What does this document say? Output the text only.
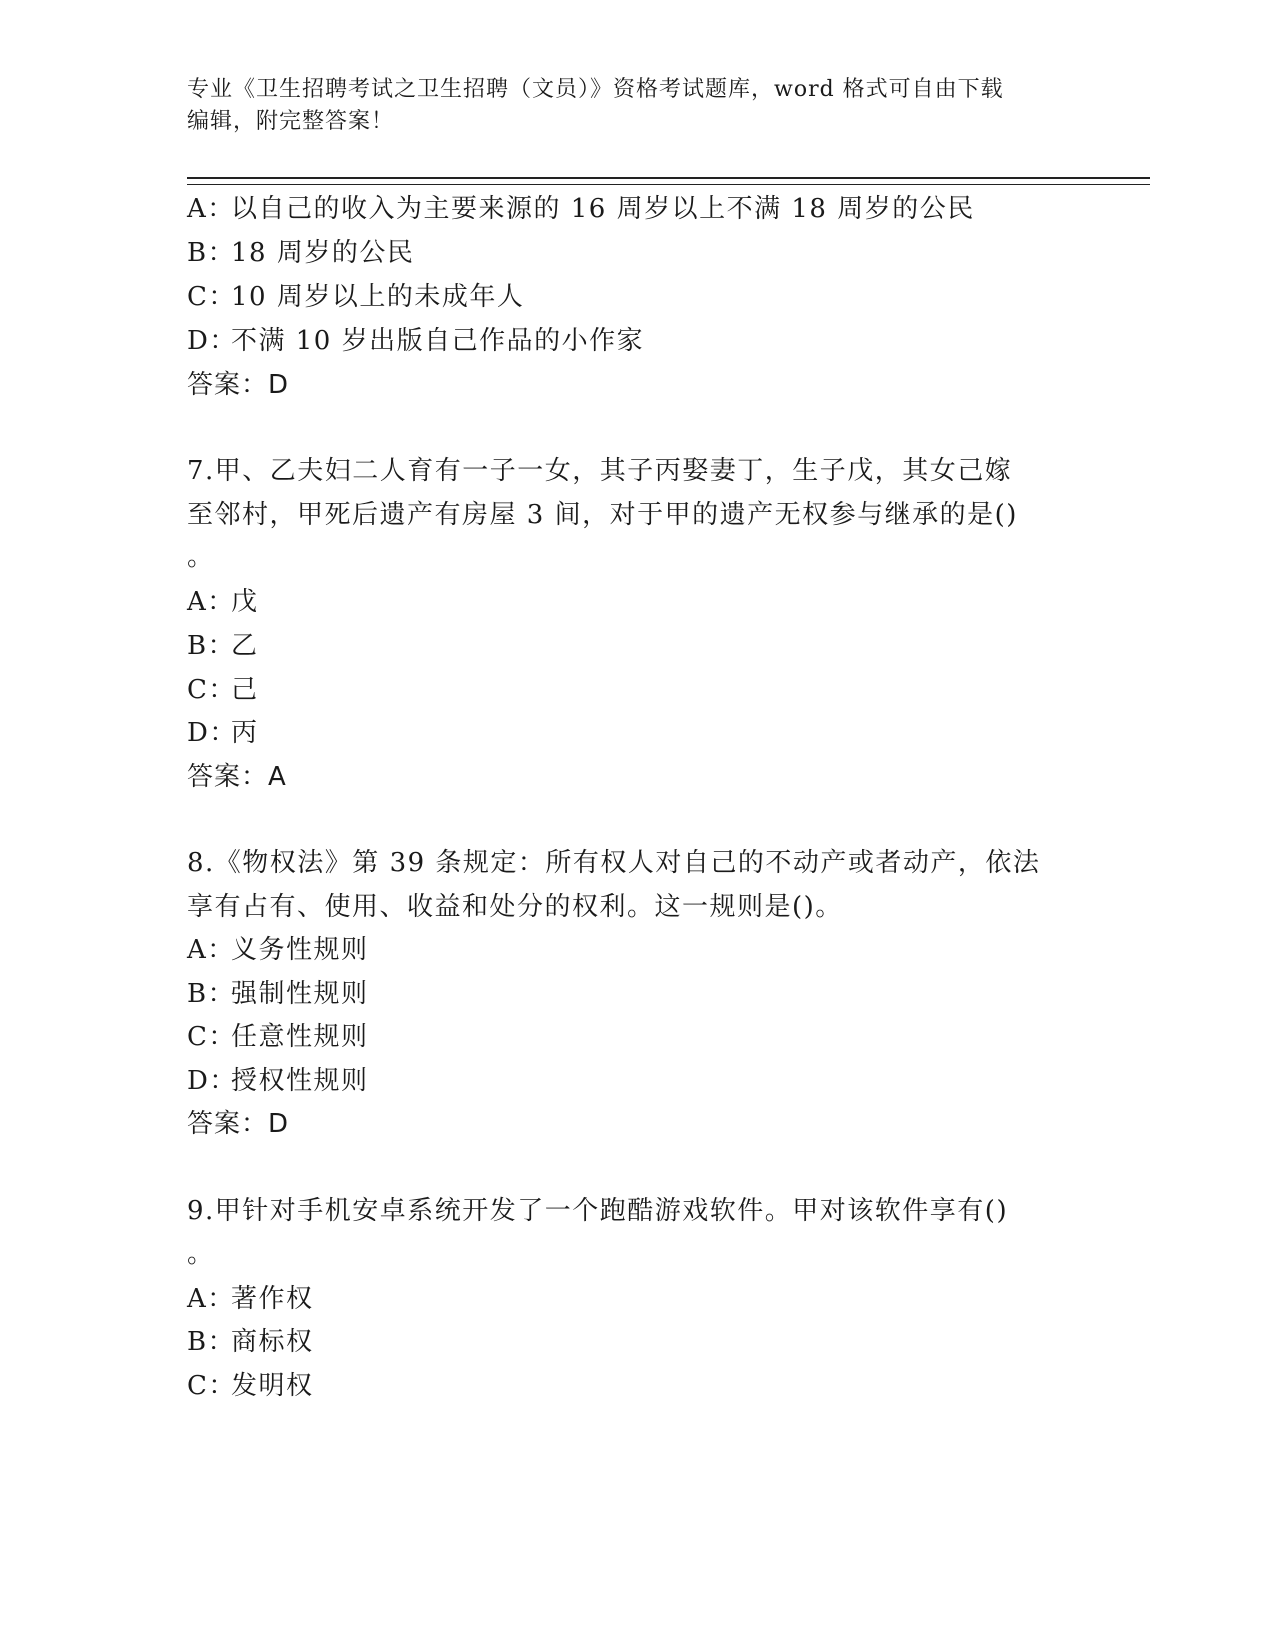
专业《卫生招聘考试之卫生招聘（文员）》资格考试题库，word 格式可自由下载
编辑，附完整答案！
A：以自己的收入为主要来源的 16 周岁以上不满 18 周岁的公民
B：18 周岁的公民
C：10 周岁以上的未成年人
D：不满 10 岁出版自己作品的小作家
答案：D
7.甲、乙夫妇二人育有一子一女，其子丙娶妻丁，生子戊，其女己嫁
至邻村，甲死后遗产有房屋 3 间，对于甲的遗产无权参与继承的是()
。
A：戊
B：乙
C：己
D：丙
答案：A
8.《物权法》第 39 条规定：所有权人对自己的不动产或者动产，依法
享有占有、使用、收益和处分的权利。这一规则是()。
A：义务性规则
B：强制性规则
C：任意性规则
D：授权性规则
答案：D
9.甲针对手机安卓系统开发了一个跑酷游戏软件。甲对该软件享有()
。
A：著作权
B：商标权
C：发明权
